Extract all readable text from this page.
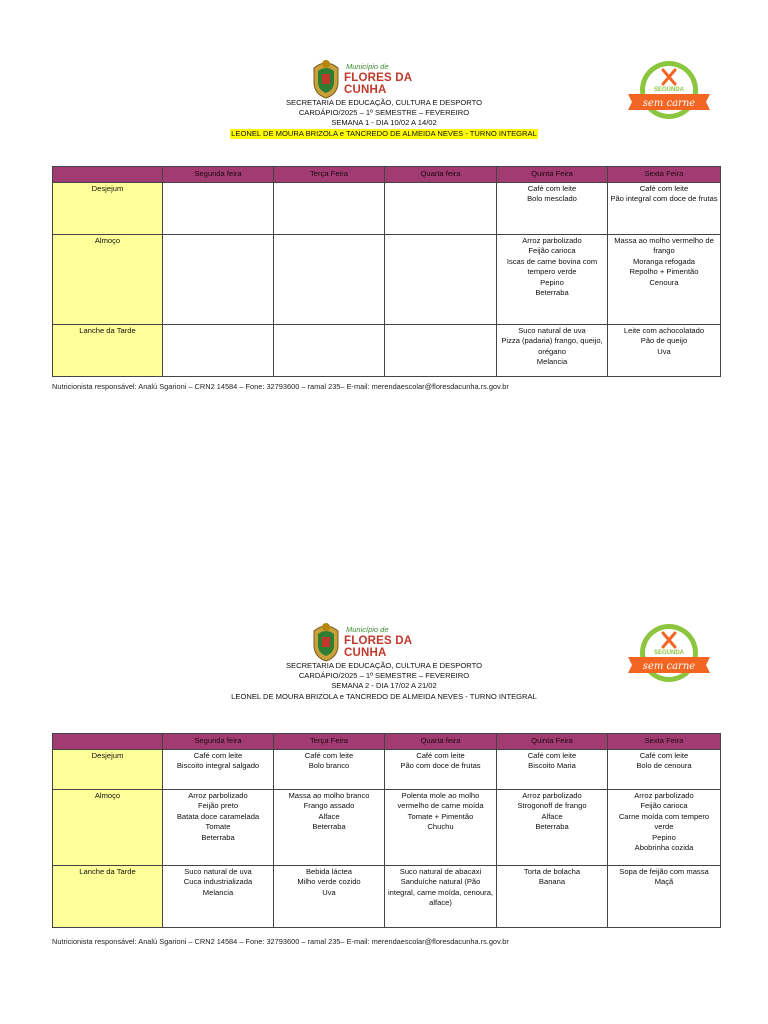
Município de
FLORES DA CUNHA	SEGUNDA
sem carne
SECRETARIA DE EDUCAÇÃO, CULTURA E DESPORTO
CARDÁPIO/2025 – 1º SEMESTRE – FEVEREIRO
SEMANA 1 - DIA 10/02 A 14/02
LEONEL DE MOURA BRIZOLA e TANCREDO DE ALMEIDA NEVES - TURNO INTEGRAL
	Segunda feira	Terça Feira	Quarta feira	Quinta Feira	Sexta Feira
Desjejum				Café com leite
Bolo mesclado	Café com leite
Pão integral com doce de frutas

Almoço				Arroz parbolizado
Feijão carioca
Iscas de carne bovina com tempero verde
Pepino
Beterraba	Massa ao molho vermelho de frango
Moranga refogada
Repolho + Pimentão
Cenoura

Lanche da Tarde				Suco natural de uva
Pizza (padaria) frango, queijo, orégano
Melancia	Leite com achocolatado
Pão de queijo
Uva
Nutricionista responsável: Analú Sgarioni – CRN2 14584 – Fone: 32793600 – ramal 235– E-mail: merendaescolar@floresdacunha.rs.gov.br
Município de
FLORES DA CUNHA	SEGUNDA
sem carne
SECRETARIA DE EDUCAÇÃO, CULTURA E DESPORTO
CARDÁPIO/2025 – 1º SEMESTRE – FEVEREIRO
SEMANA 2 - DIA 17/02 A 21/02
LEONEL DE MOURA BRIZOLA e TANCREDO DE ALMEIDA NEVES - TURNO INTEGRAL
	Segunda feira	Terça Feira	Quarta feira	Quinta Feira	Sexta Feira
Desjejum	Café com leite
Biscoito integral salgado	Café com leite
Bolo branco	Café com leite
Pão com doce de frutas	Café com leite
Biscoito Maria	Café com leite
Bolo de cenoura

Almoço	Arroz parbolizado
Feijão preto
Batata doce caramelada
Tomate
Beterraba	Massa ao molho branco
Frango assado
Alface
Beterraba	Polenta mole ao molho vermelho de carne moída
Tomate + Pimentão
Chuchu	Arroz parbolizado
Strogonoff de frango
Alface
Beterraba	Arroz parbolizado
Feijão carioca
Carne moída com tempero verde
Pepino
Abobrinha cozida

Lanche da Tarde	Suco natural de uva
Cuca industrializada
Melancia	Bebida láctea
Milho verde cozido
Uva	Suco natural de abacaxi
Sanduíche natural (Pão integral, carne moída, cenoura, alface)	Torta de bolacha
Banana	Sopa de feijão com massa
Maçã
Nutricionista responsável: Analú Sgarioni – CRN2 14584 – Fone: 32793600 – ramal 235– E-mail: merendaescolar@floresdacunha.rs.gov.br
